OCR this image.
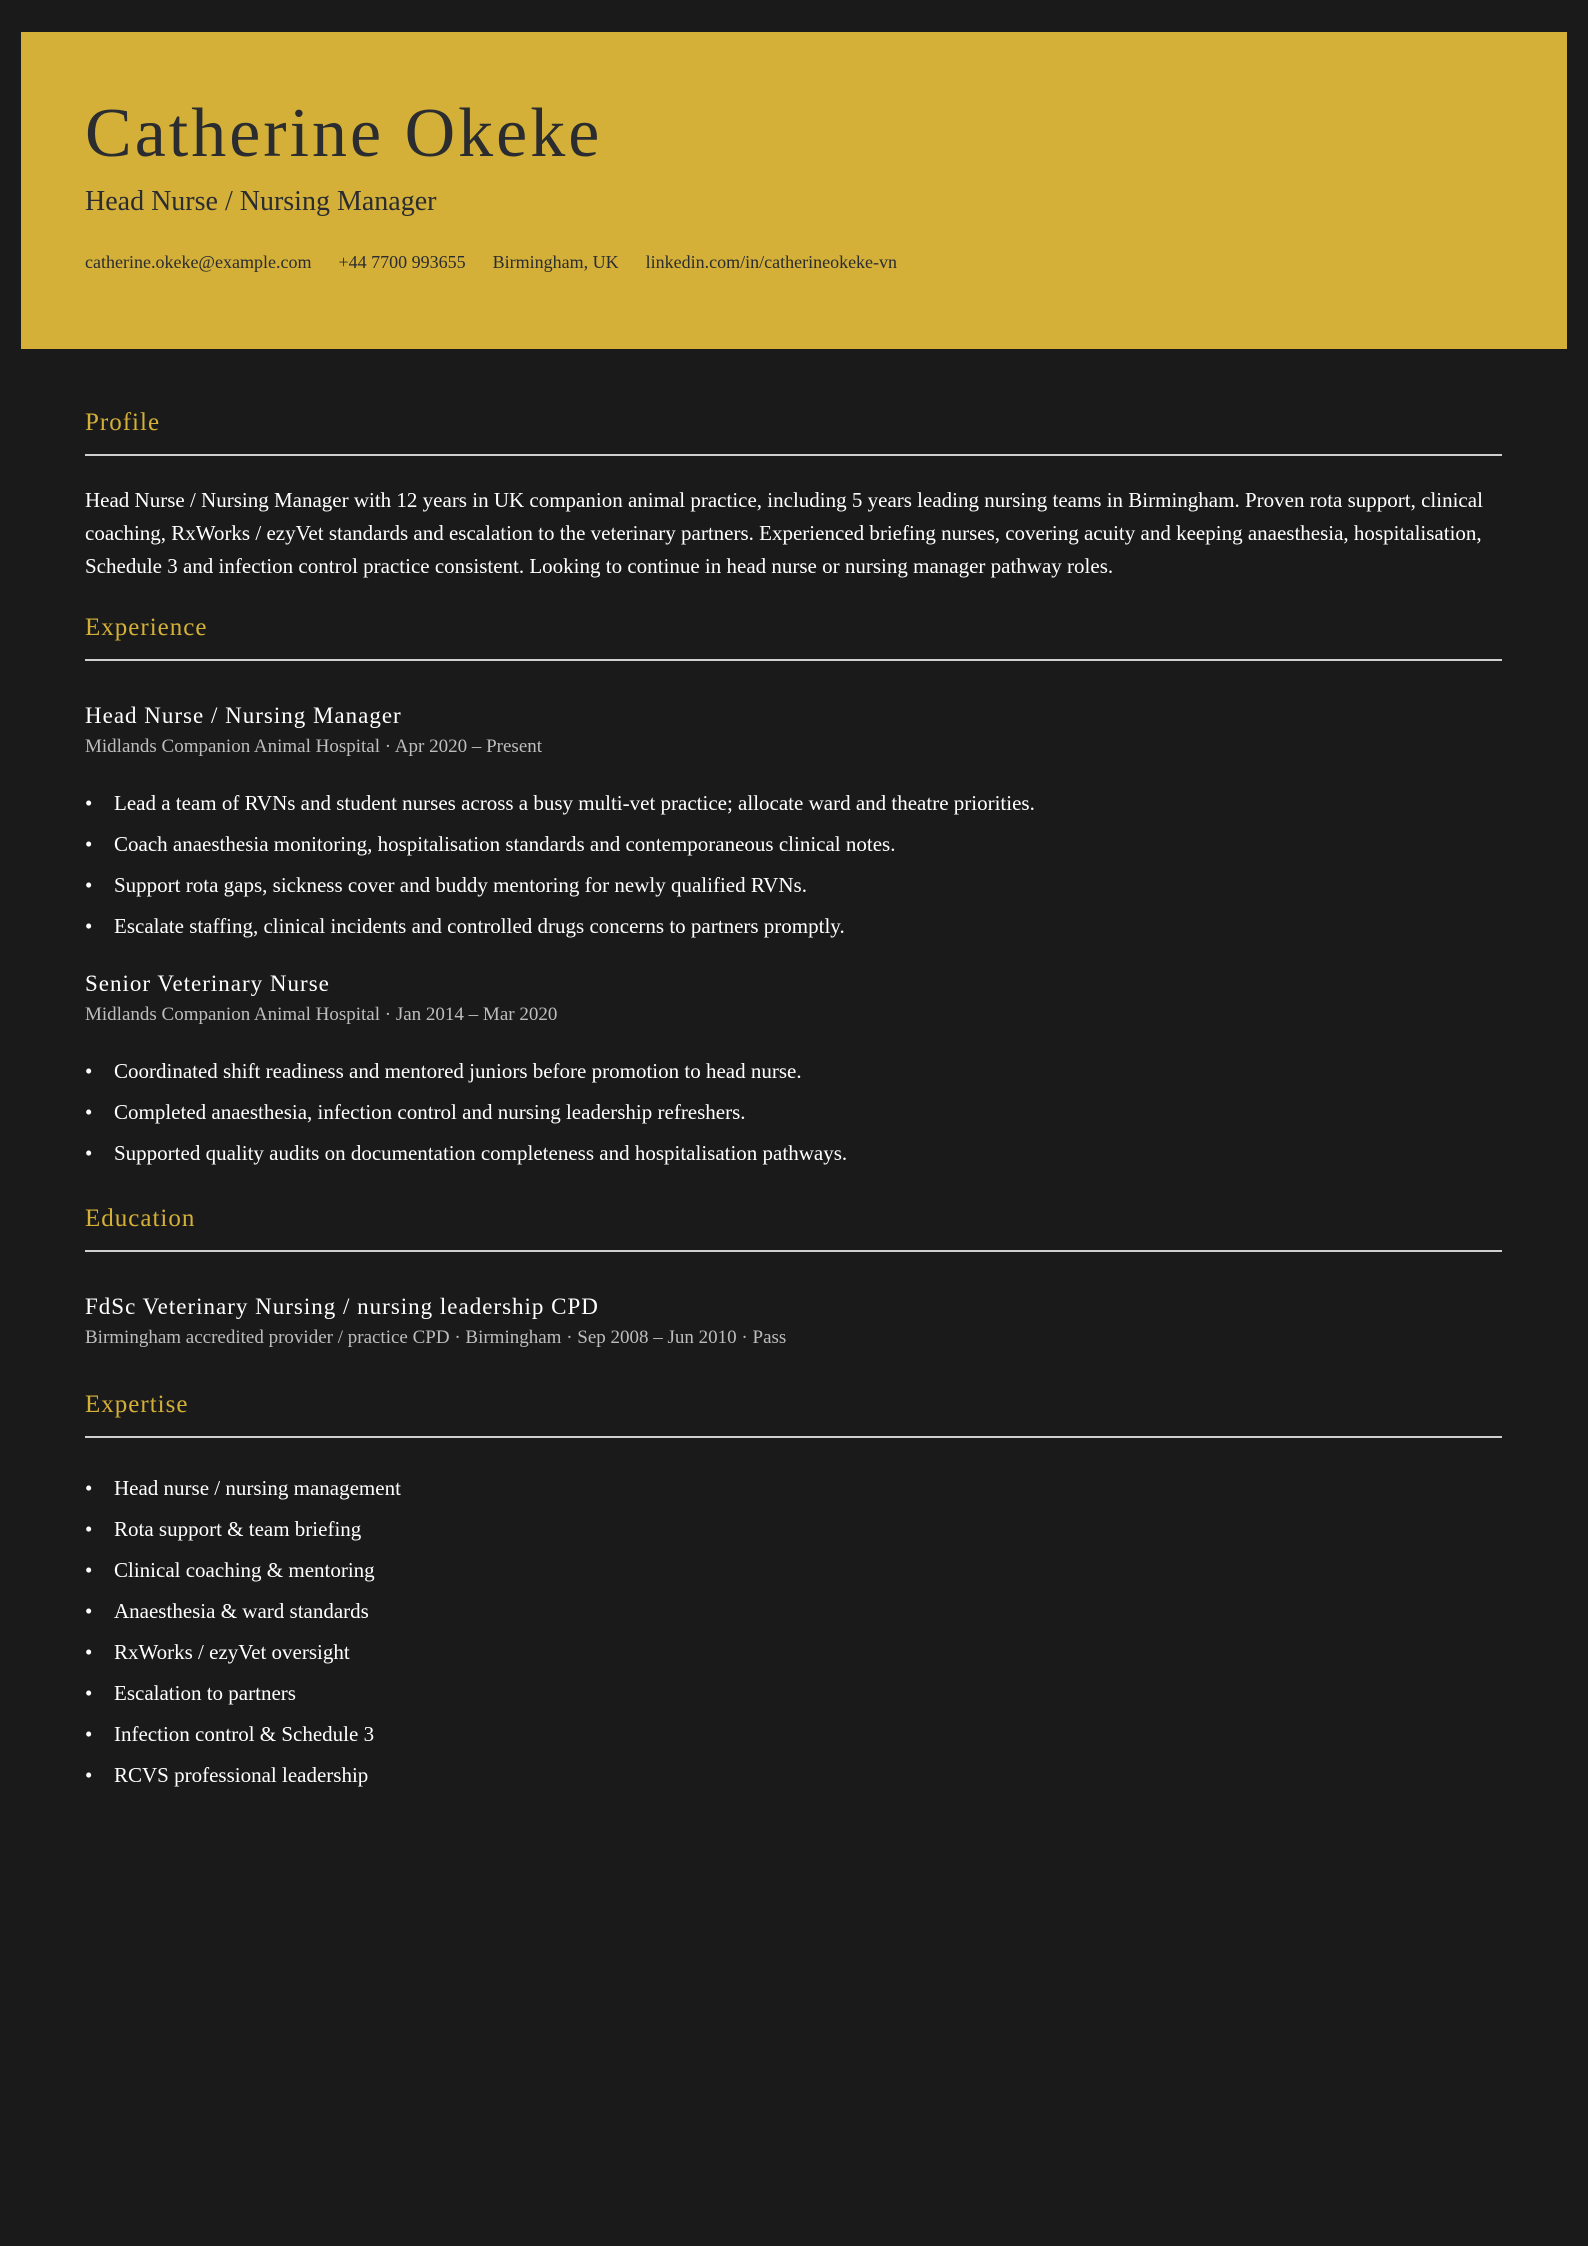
Catherine Okeke
Head Nurse / Nursing Manager
catherine.okeke@example.com +44 7700 993655 Birmingham, UK linkedin.com/in/catherineokeke-vn
Profile

Head Nurse / Nursing Manager with 12 years in UK companion animal practice, including 5 years leading nursing teams in Birmingham. Proven rota support, clinical coaching, RxWorks / ezyVet standards and escalation to the veterinary partners. Experienced briefing nurses, covering acuity and keeping anaesthesia, hospitalisation, Schedule 3 and infection control practice consistent. Looking to continue in head nurse or nursing manager pathway roles.

Experience
Head Nurse / Nursing Manager

Midlands Companion Animal Hospital · Apr 2020 – Present

• Lead a team of RVNs and student nurses across a busy multi-vet practice; allocate ward and theatre priorities.
• Coach anaesthesia monitoring, hospitalisation standards and contemporaneous clinical notes.
• Support rota gaps, sickness cover and buddy mentoring for newly qualified RVNs.
• Escalate staffing, clinical incidents and controlled drugs concerns to partners promptly.
Senior Veterinary Nurse

Midlands Companion Animal Hospital · Jan 2014 – Mar 2020

• Coordinated shift readiness and mentored juniors before promotion to head nurse.
• Completed anaesthesia, infection control and nursing leadership refreshers.
• Supported quality audits on documentation completeness and hospitalisation pathways.
Education
FdSc Veterinary Nursing / nursing leadership CPD

Birmingham accredited provider / practice CPD · Birmingham · Sep 2008 – Jun 2010 · Pass

Expertise
• Head nurse / nursing management
• Rota support & team briefing
• Clinical coaching & mentoring
• Anaesthesia & ward standards
• RxWorks / ezyVet oversight
• Escalation to partners
• Infection control & Schedule 3
• RCVS professional leadership
